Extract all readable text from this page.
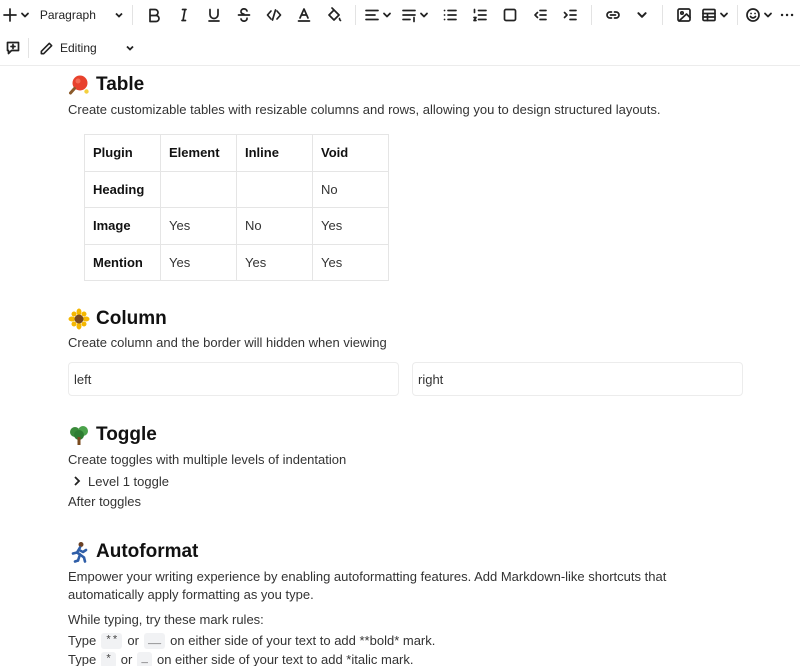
Paragraph
Editing
Table
Create customizable tables with resizable columns and rows, allowing you to design structured layouts.
Plugin	Element	Inline	Void
Heading			No
Image	Yes	No	Yes
Mention	Yes	Yes	Yes
Column
Create column and the border will hidden when viewing
left	right
Toggle
Create toggles with multiple levels of indentation
Level 1 toggle
After toggles
Autoformat
Empower your writing experience by enabling autoformatting features. Add Markdown-like shortcuts that
automatically apply formatting as you type.
While typing, try these mark rules:
Type ** or __ on either side of your text to add **bold* mark.
Type * or _ on either side of your text to add *italic mark.
